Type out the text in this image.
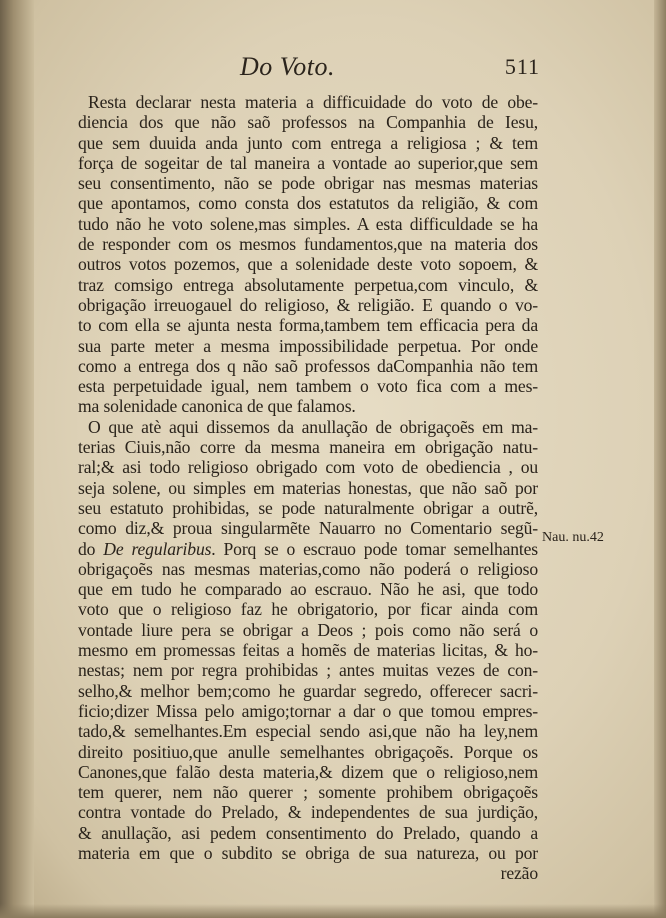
Do Voto.	511
Resta declarar nesta materia a difficuidade do voto de obe-
diencia dos que não saõ professos na Companhia de Iesu,
que sem duuida anda junto com entrega a religiosa ; & tem
força de sogeitar de tal maneira a vontade ao superior,que sem
seu consentimento, não se pode obrigar nas mesmas materias
que apontamos, como consta dos estatutos da religião, & com
tudo não he voto solene,mas simples. A esta difficuldade se ha
de responder com os mesmos fundamentos,que na materia dos
outros votos pozemos, que a solenidade deste voto sopoem, &
traz comsigo entrega absolutamente perpetua,com vinculo, &
obrigação irreuogauel do religioso, & religião. E quando o vo-
to com ella se ajunta nesta forma,tambem tem efficacia pera da
sua parte meter a mesma impossibilidade perpetua. Por onde
como a entrega dos q não saõ professos daCompanhia não tem
esta perpetuidade igual, nem tambem o voto fica com a mes-
ma solenidade canonica de que falamos.
O que atè aqui dissemos da anullação de obrigaçoẽs em ma-
terias Ciuis,não corre da mesma maneira em obrigação natu-
ral;& asi todo religioso obrigado com voto de obediencia , ou
seja solene, ou simples em materias honestas, que não saõ por
seu estatuto prohibidas, se pode naturalmente obrigar a outrẽ,
como diz,& proua singularmẽte Nauarro no Comentario segũ-
do De regularibus. Porq se o escrauo pode tomar semelhantes
obrigaçoẽs nas mesmas materias,como não poderá o religioso
que em tudo he comparado ao escrauo. Não he asi, que todo
voto que o religioso faz he obrigatorio, por ficar ainda com
vontade liure pera se obrigar a Deos ; pois como não será o
mesmo em promessas feitas a homẽs de materias licitas, & ho-
nestas; nem por regra prohibidas ; antes muitas vezes de con-
selho,& melhor bem;como he guardar segredo, offerecer sacri-
ficio;dizer Missa pelo amigo;tornar a dar o que tomou empres-
tado,& semelhantes.Em especial sendo asi,que não ha ley,nem
direito positiuo,que anulle semelhantes obrigaçoẽs. Porque os
Canones,que falão desta materia,& dizem que o religioso,nem
tem querer, nem não querer ; somente prohibem obrigaçoẽs
contra vontade do Prelado, & independentes de sua jurdição,
& anullação, asi pedem consentimento do Prelado, quando a
materia em que o subdito se obriga de sua natureza, ou por
rezão
Nau. nu.42
